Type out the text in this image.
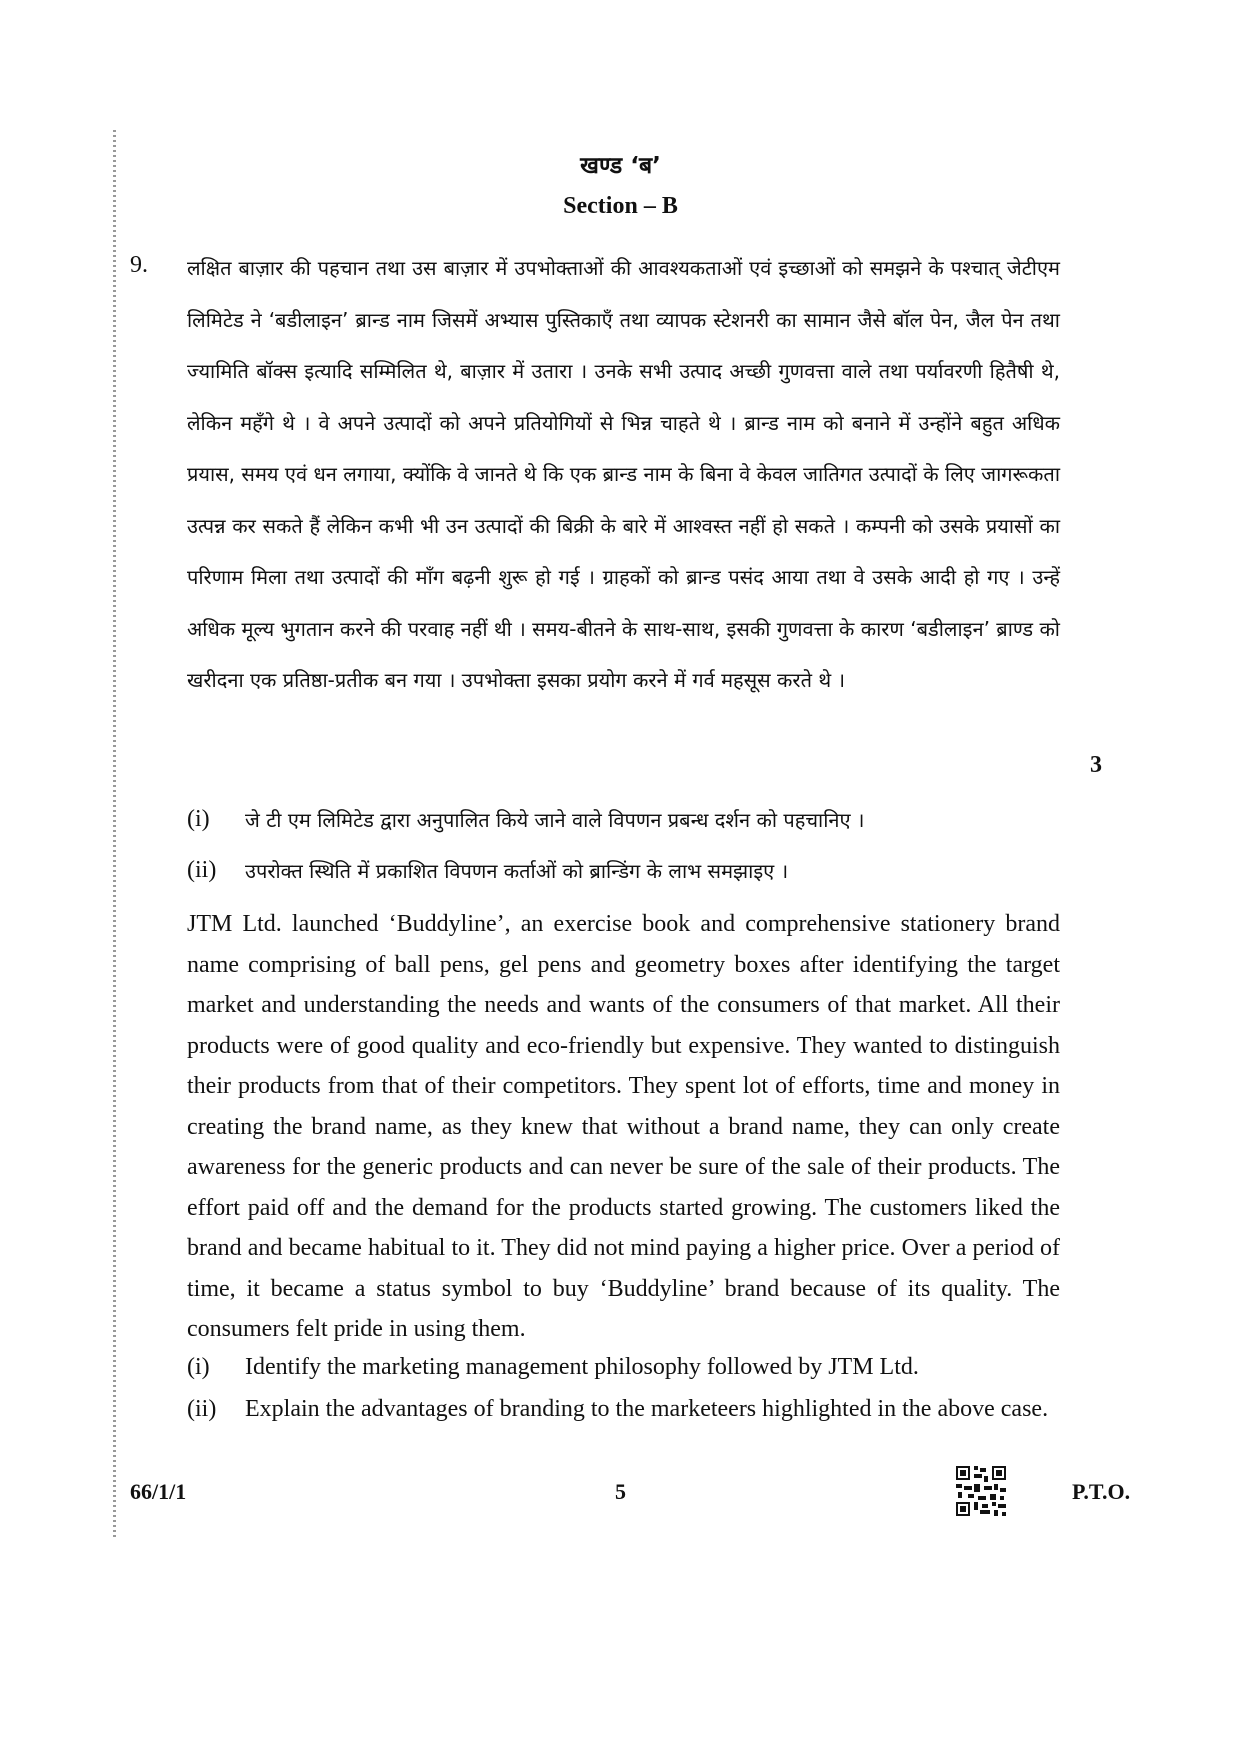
खण्ड ‘ब’
Section – B
9. लक्षित बाज़ार की पहचान तथा उस बाज़ार में उपभोक्ताओं की आवश्यकताओं एवं इच्छाओं को समझने के पश्चात् जेटीएम लिमिटेड ने ‘बडीलाइन’ ब्रान्ड नाम जिसमें अभ्यास पुस्तिकाएँ तथा व्यापक स्टेशनरी का सामान जैसे बॉल पेन, जैल पेन तथा ज्यामिति बॉक्स इत्यादि सम्मिलित थे, बाज़ार में उतारा । उनके सभी उत्पाद अच्छी गुणवत्ता वाले तथा पर्यावरणी हितैषी थे, लेकिन महँगे थे । वे अपने उत्पादों को अपने प्रतियोगियों से भिन्न चाहते थे । ब्रान्ड नाम को बनाने में उन्होंने बहुत अधिक प्रयास, समय एवं धन लगाया, क्योंकि वे जानते थे कि एक ब्रान्ड नाम के बिना वे केवल जातिगत उत्पादों के लिए जागरूकता उत्पन्न कर सकते हैं लेकिन कभी भी उन उत्पादों की बिक्री के बारे में आश्वस्त नहीं हो सकते । कम्पनी को उसके प्रयासों का परिणाम मिला तथा उत्पादों की माँग बढ़नी शुरू हो गई । ग्राहकों को ब्रान्ड पसंद आया तथा वे उसके आदी हो गए । उन्हें अधिक मूल्य भुगतान करने की परवाह नहीं थी । समय-बीतने के साथ-साथ, इसकी गुणवत्ता के कारण ‘बडीलाइन’ ब्राण्ड को खरीदना एक प्रतिष्ठा-प्रतीक बन गया । उपभोक्ता इसका प्रयोग करने में गर्व महसूस करते थे ।

3
(i)	जे टी एम लिमिटेड द्वारा अनुपालित किये जाने वाले विपणन प्रबन्ध दर्शन को पहचानिए ।
(ii)	उपरोक्त स्थिति में प्रकाशित विपणन कर्ताओं को ब्रान्डिंग के लाभ समझाइए ।

JTM Ltd. launched ‘Buddyline’, an exercise book and comprehensive stationery brand name comprising of ball pens, gel pens and geometry boxes after identifying the target market and understanding the needs and wants of the consumers of that market. All their products were of good quality and eco-friendly but expensive. They wanted to distinguish their products from that of their competitors. They spent lot of efforts, time and money in creating the brand name, as they knew that without a brand name, they can only create awareness for the generic products and can never be sure of the sale of their products. The effort paid off and the demand for the products started growing. The customers liked the brand and became habitual to it. They did not mind paying a higher price. Over a period of time, it became a status symbol to buy ‘Buddyline’ brand because of its quality. The consumers felt pride in using them.

(i)	Identify the marketing management philosophy followed by JTM Ltd.
(ii)	Explain the advantages of branding to the marketeers highlighted in the above case.
66/1/1	5	P.T.O.
